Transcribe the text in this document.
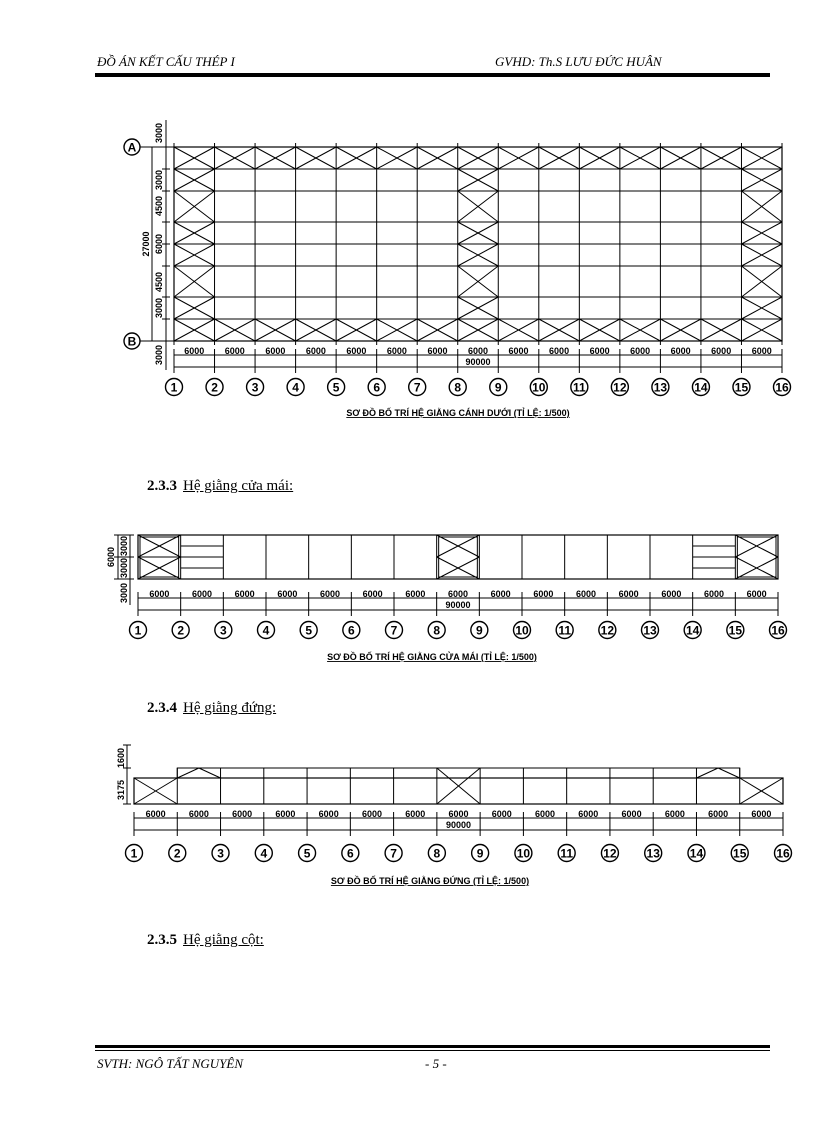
ĐỒ ÁN KẾT CẤU THÉP I	GVHD: Th.S LƯU ĐỨC HUÂN
A
B
3000
3000
27000
3000
4500
6000
4500
3000
6000 6000 6000 6000 6000 6000 6000 6000 6000 6000 6000 6000 6000 6000 6000
90000
1	2	3	4	5	6	7	8	9	10 11 12 13 14 15 16
SƠ ĐỒ BỐ TRÍ HỆ GIẰNG CÁNH DƯỚI (TỈ LỆ: 1/500)
3000
3000
6000
3000 6000	6000	6000	6000	6000	6000	6000	6000	6000	6000	6000	6000	6000	6000	6000
90000
1	2	3	4	5	6	7	8	9	10 11 12 13 14 15 16
SƠ ĐỒ BỐ TRÍ HỆ GIẰNG CỬA MÁI (TỈ LỆ: 1/500)
1600
3175
6000	6000	6000	6000	6000	6000	6000	6000	6000	6000	6000	6000	6000	6000	6000
90000
1	2	3	4	5	6	7	8	9	10	11	12 13 14 15 16
SƠ ĐỒ BỐ TRÍ HỆ GIẰNG ĐỨNG (TỈ LỆ: 1/500)
2.3.3 Hệ giằng cửa mái:
2.3.4 Hệ giằng đứng:
2.3.5 Hệ giằng cột:
SVTH: NGÔ TẤT NGUYÊN	- 5 -
